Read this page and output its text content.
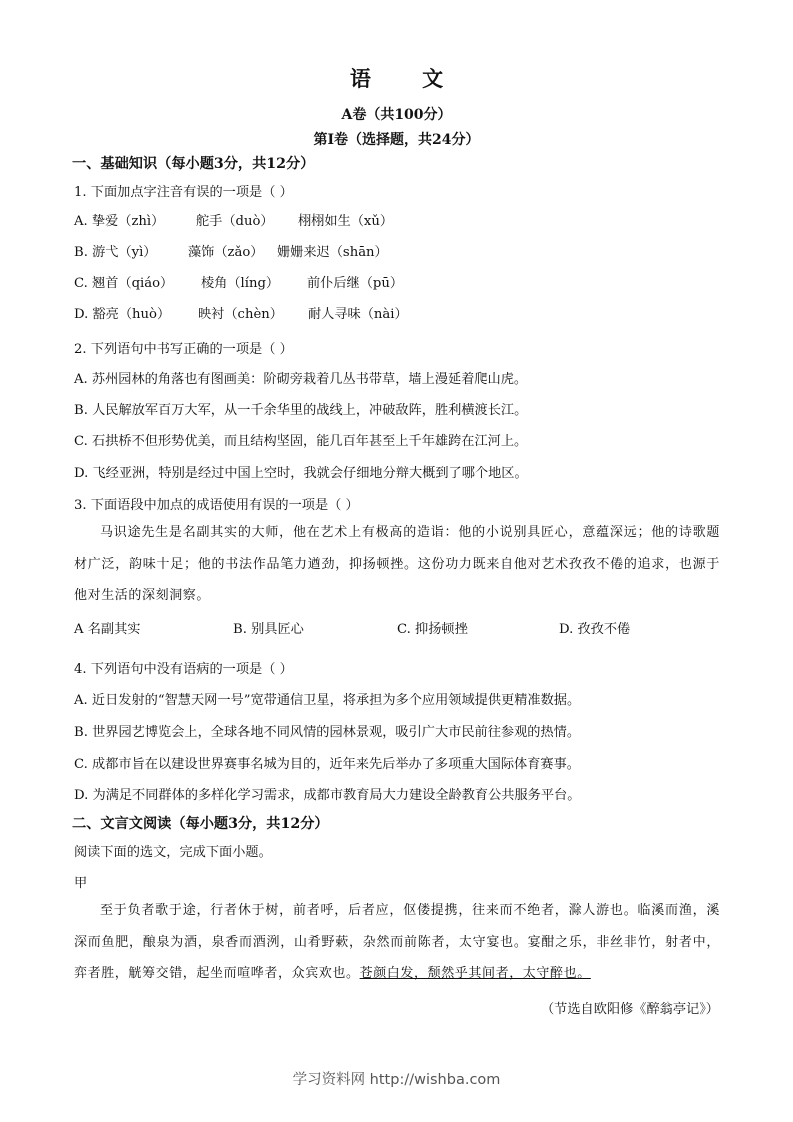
语 文
A卷（共100分）
第Ⅰ卷（选择题，共24分）
一、基础知识（每小题3分，共12分）
1. 下面加点字注音有误的一项是（ ）
A. 挚爱（zhì） 舵手（duò） 栩栩如生（xǔ）
B. 游弋（yì） 藻饰（zǎo） 姗姗来迟（shān）
C. 翘首（qiáo） 棱角（líng） 前仆后继（pū）
D. 豁亮（huò） 映衬（chèn） 耐人寻味（nài）
2. 下列语句中书写正确的一项是（ ）
A. 苏州园林的角落也有图画美：阶砌旁栽着几丛书带草，墙上漫延着爬山虎。
B. 人民解放军百万大军，从一千余华里的战线上，冲破敌阵，胜利横渡长江。
C. 石拱桥不但形势优美，而且结构坚固，能几百年甚至上千年雄跨在江河上。
D. 飞经亚洲，特别是经过中国上空时，我就会仔细地分辩大概到了哪个地区。
3. 下面语段中加点的成语使用有误的一项是（ ）
马识途先生是名副其实的大师，他在艺术上有极高的造诣：他的小说别具匠心，意蕴深远；他的诗歌题材广泛，韵味十足；他的书法作品笔力遒劲，抑扬顿挫。这份功力既来自他对艺术孜孜不倦的追求，也源于他对生活的深刻洞察。
A 名副其实	B. 别具匠心	C. 抑扬顿挫	D. 孜孜不倦
4. 下列语句中没有语病的一项是（ ）
A. 近日发射的“智慧天网一号”宽带通信卫星，将承担为多个应用领域提供更精准数据。
B. 世界园艺博览会上，全球各地不同风情的园林景观，吸引广大市民前往参观的热情。
C. 成都市旨在以建设世界赛事名城为目的，近年来先后举办了多项重大国际体育赛事。
D. 为满足不同群体的多样化学习需求，成都市教育局大力建设全龄教育公共服务平台。
二、文言文阅读（每小题3分，共12分）
阅读下面的选文，完成下面小题。
甲
至于负者歌于途，行者休于树，前者呼，后者应，伛偻提携，往来而不绝者，滁人游也。临溪而渔，溪深而鱼肥，酿泉为酒，泉香而酒洌，山肴野蔌，杂然而前陈者，太守宴也。宴酣之乐，非丝非竹，射者中，弈者胜，觥筹交错，起坐而喧哗者，众宾欢也。苍颜白发，颓然乎其间者，太守醉也。
（节选自欧阳修《醉翁亭记》）
学习资料网 http://wishba.com
